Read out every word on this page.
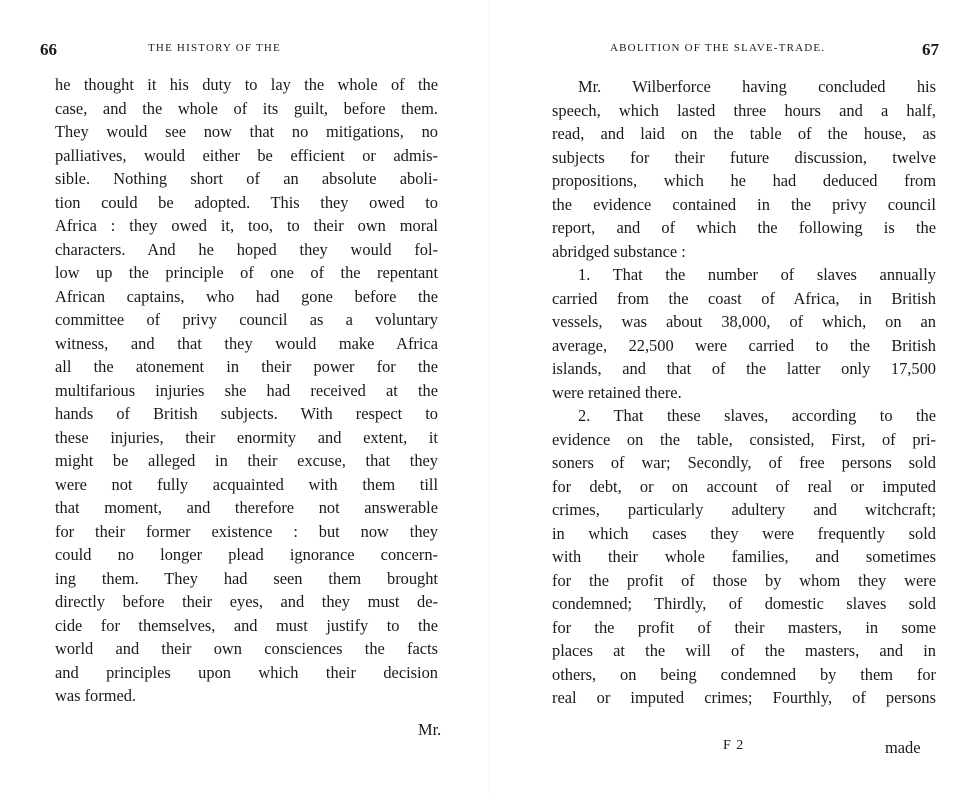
66	THE HISTORY OF THE
he thought it his duty to lay the whole of the
case, and the whole of its guilt, before them.
They would see now that no mitigations, no
palliatives, would either be efficient or admis-
sible. Nothing short of an absolute aboli-
tion could be adopted. This they owed to
Africa : they owed it, too, to their own moral
characters. And he hoped they would fol-
low up the principle of one of the repentant
African captains, who had gone before the
committee of privy council as a voluntary
witness, and that they would make Africa
all the atonement in their power for the
multifarious injuries she had received at the
hands of British subjects. With respect to
these injuries, their enormity and extent, it
might be alleged in their excuse, that they
were not fully acquainted with them till
that moment, and therefore not answerable
for their former existence : but now they
could no longer plead ignorance concern-
ing them. They had seen them brought
directly before their eyes, and they must de-
cide for themselves, and must justify to the
world and their own consciences the facts
and principles upon which their decision
was formed.
Mr.
ABOLITION OF THE SLAVE-TRADE.	67
Mr. Wilberforce having concluded his
speech, which lasted three hours and a half,
read, and laid on the table of the house, as
subjects for their future discussion, twelve
propositions, which he had deduced from
the evidence contained in the privy council
report, and of which the following is the
abridged substance :
1. That the number of slaves annually
carried from the coast of Africa, in British
vessels, was about 38,000, of which, on an
average, 22,500 were carried to the British
islands, and that of the latter only 17,500
were retained there.
2. That these slaves, according to the
evidence on the table, consisted, First, of pri-
soners of war; Secondly, of free persons sold
for debt, or on account of real or imputed
crimes, particularly adultery and witchcraft;
in which cases they were frequently sold
with their whole families, and sometimes
for the profit of those by whom they were
condemned; Thirdly, of domestic slaves sold
for the profit of their masters, in some
places at the will of the masters, and in
others, on being condemned by them for
real or imputed crimes; Fourthly, of persons
F 2	made
